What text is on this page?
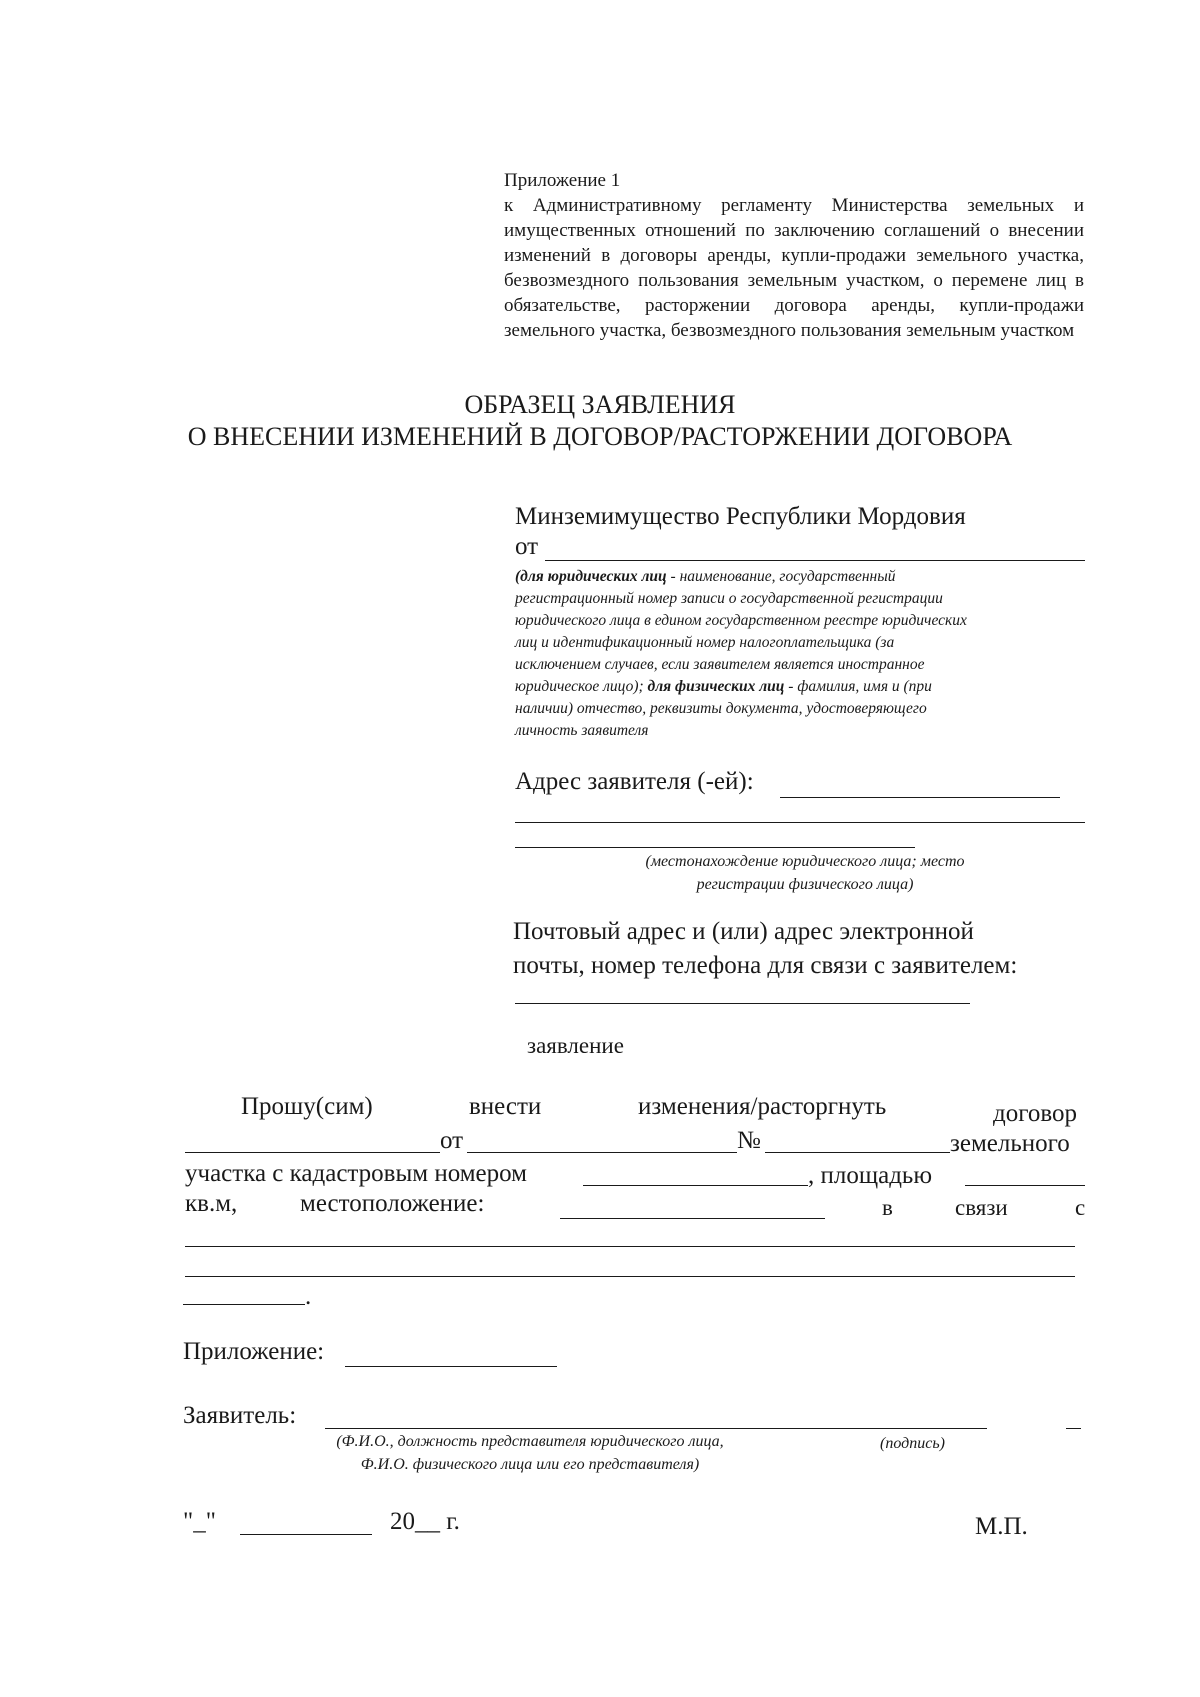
Приложение 1
к Административному регламенту Министерства земельных и имущественных отношений по заключению соглашений о внесении изменений в договоры аренды, купли-продажи земельного участка, безвозмездного пользования земельным участком, о перемене лиц в обязательстве, расторжении договора аренды, купли-продажи земельного участка, безвозмездного пользования земельным участком
ОБРАЗЕЦ ЗАЯВЛЕНИЯ
О ВНЕСЕНИИ ИЗМЕНЕНИЙ В ДОГОВОР/РАСТОРЖЕНИИ ДОГОВОРА
Минземимущество Республики Мордовия
от
(для юридических лиц - наименование, государственный
регистрационный номер записи о государственной регистрации
юридического лица в едином государственном реестре юридических
лиц и идентификационный номер налогоплательщика (за
исключением случаев, если заявителем является иностранное
юридическое лицо); для физических лиц - фамилия, имя и (при
наличии) отчество, реквизиты документа, удостоверяющего
личность заявителя
Адрес заявителя (-ей):
(местонахождение юридического лица; место
регистрации физического лица)
Почтовый адрес и (или) адрес электронной
почты, номер телефона для связи с заявителем:
заявление
Прошу(сим)	внести	изменения/расторгнуть	договор
от	№	земельного
участка с кадастровым номером	, площадью
кв.м,	местоположение:	в	связи	с
.
Приложение:
Заявитель:
(Ф.И.О., должность представителя юридического лица,
Ф.И.О. физического лица или его представителя)
(подпись)
"_"	20__ г.	М.П.
